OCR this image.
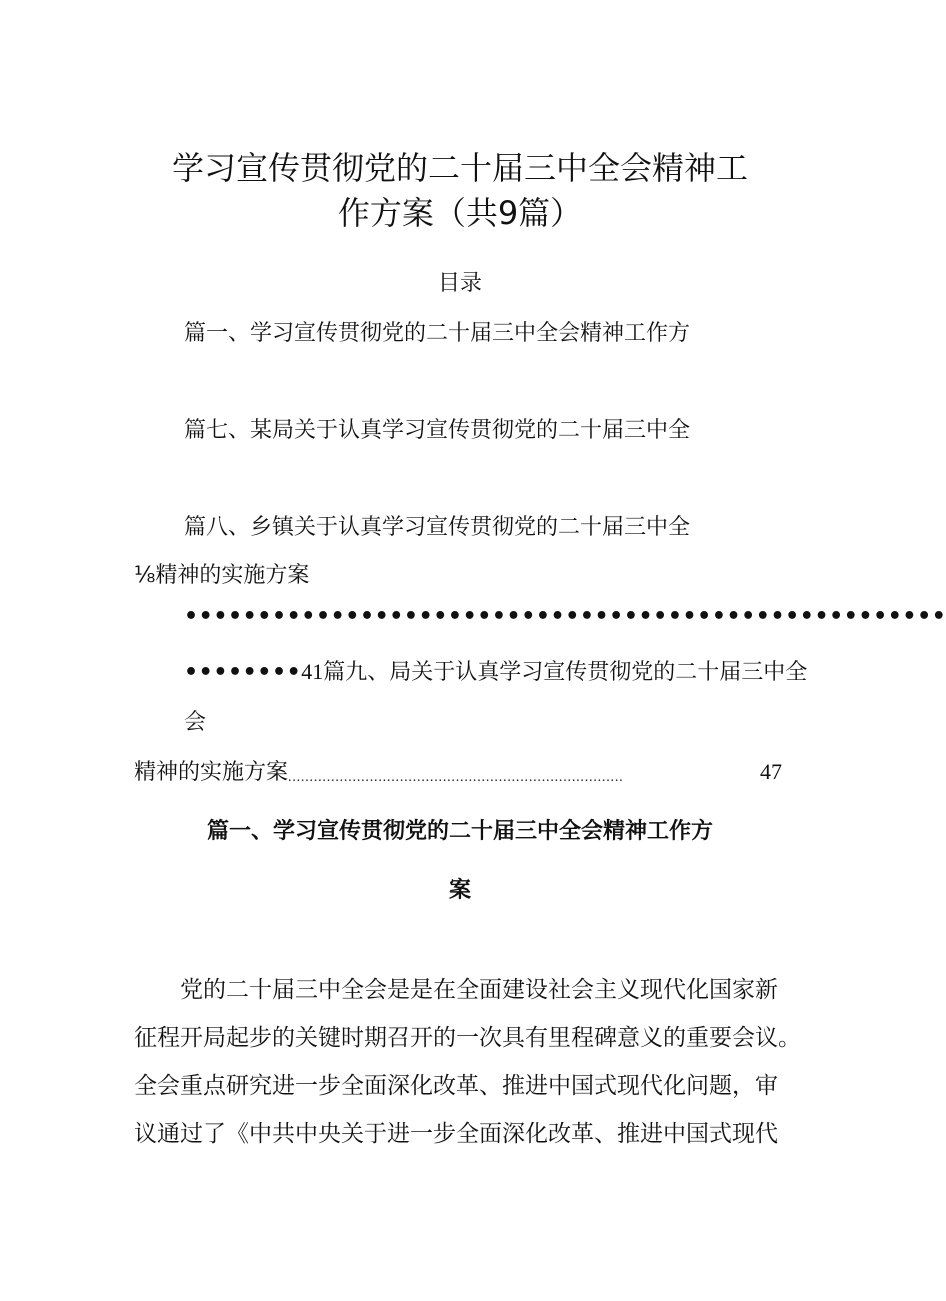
学习宣传贯彻党的二十届三中全会精神工
作方案（共9篇）
目录
篇一、学习宣传贯彻党的二十届三中全会精神工作方
篇七、某局关于认真学习宣传贯彻党的二十届三中全
篇八、乡镇关于认真学习宣传贯彻党的二十届三中全
⅛精神的实施方案
••••••••••••••••••••••••••••••••••••••••••••••••••••
••••••••41篇九、局关于认真学习宣传贯彻党的二十届三中全
会
精神的实施方案..............................................................................	47
篇一、学习宣传贯彻党的二十届三中全会精神工作方
案
党的二十届三中全会是是在全面建设社会主义现代化国家新
征程开局起步的关键时期召开的一次具有里程碑意义的重要会议。
全会重点研究进一步全面深化改革、推进中国式现代化问题，审
议通过了《中共中央关于进一步全面深化改革、推进中国式现代
